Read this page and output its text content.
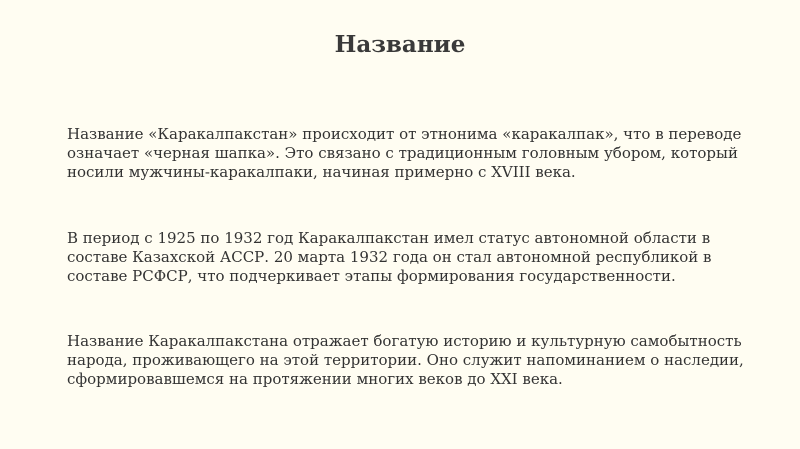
Название

Название «Каракалпакстан» происходит от этнонима «каракалпак», что в переводе означает «черная шапка». Это связано с традиционным головным убором, который носили мужчины-каракалпаки, начиная примерно с XVIII века.

В период с 1925 по 1932 год Каракалпакстан имел статус автономной области в составе Казахской АССР. 20 марта 1932 года он стал автономной республикой в составе РСФСР, что подчеркивает этапы формирования государственности.

Название Каракалпакстана отражает богатую историю и культурную самобытность народа, проживающего на этой территории. Оно служит напоминанием о наследии, сформировавшемся на протяжении многих веков до XXI века.
